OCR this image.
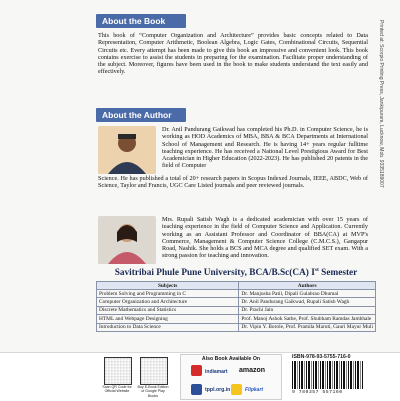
About the Book
This book of “Computer Organization and Architecture” provides basic concepts related to Data Representation, Computer Arithmetic, Boolean Algebra, Logic Gates, Combinational Circuits, Sequential Circuits etc. Every attempt has been made to give this book an impressive and convenient look. This book contains exercise to assist the students in preparing for the examination. Facilitate proper understanding of the subject. Moreover, figures have been used in the book to make students understand the text easily and effectively.
About the Author
Dr. Anil Pandurang Gaikwad has completed his Ph.D. in Computer Science, he is working as HOD Academics of MBA, BBA & BCA Departments at International School of Management and Research. He is having 14+ years regular fulltime teaching experience. He has received a National Level Prestigious Award for Best Academician in Higher Education (2022-2023). He has published 20 patents in the field of Computer
Science. He has published a total of 20+ research papers in Scopus Indexed Journals, IEEE, ABDC, Web of Science, Taylor and Francis, UGC Care Listed journals and peer reviewed journals.
Mrs. Rupali Satish Wagh is a dedicated academician with over 15 years of teaching experience in the field of Computer Science and Application. Currently working as an Assistant Professor and Coordinator of BBA(CA) at MVP's Commerce, Management & Computer Science College (C.M.C.S.), Gangapur Road, Nashik. She holds a BCS and MCA degree and qualified SET exam. With a strong passion for teaching and innovation.
Printed at: Scorpio Printing Press, Jankipuram, Lucknow, Mob. 9335189007
Savitribai Phule Pune University, BCA/B.Sc(CA) Ist Semester
Subjects	Authors
Problem Solving and Programming in C	Dr. Manjusha Patil, Dipali Gulabrao Dhumal
Computer Organization and Architecture	Dr. Anil Pandurang Gaikwad, Rupali Satish Wagh
Discrete Mathematics and Statistics	Dr. Prachi Jain
HTML and Webpage Designing	Prof. Manoj Ashok Sathe, Prof. Shubham Ramdas Jambhale
Introduction to Data Science	Dr. Vipin Y. Borole, Prof. Pramila Maruti, Gauri Mayur Muli
Scan QR Code for Official Website
Buy E-Book Edition of Google Play Books
Also Book Available On
indiamart amazon
tppl.org.in	Flipkart
ISBN-978-93-5755-716-0
9 789357 557160
